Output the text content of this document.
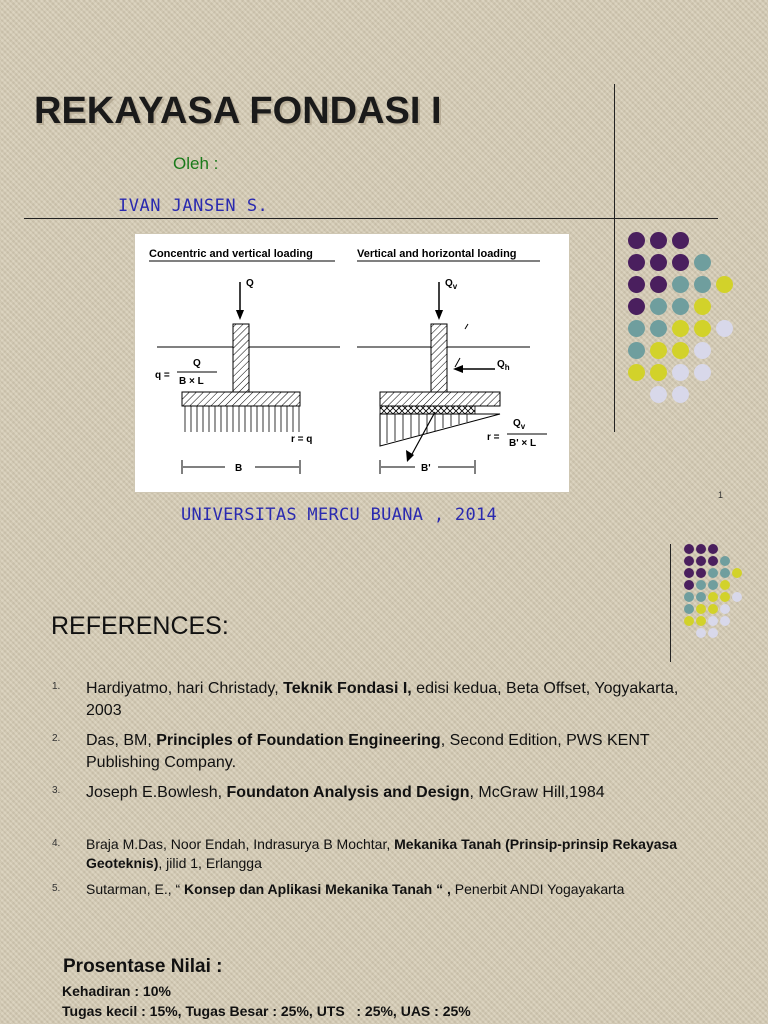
REKAYASA FONDASI I
Oleh :
IVAN JANSEN S.
Concentric and vertical loading	Vertical and horizontal loading
Q
q =
Q
B × L
r = q
B
$Q_v$
$Q_h$
r =
$Q_v$
B' × L
B'
UNIVERSITAS MERCU BUANA , 2014
1
REFERENCES:
1. Hardiyatmo, hari Christady, Teknik Fondasi I, edisi kedua, Beta Offset, Yogyakarta, 2003
2. Das, BM, Principles of Foundation Engineering, Second Edition, PWS KENT Publishing Company.
3. Joseph E.Bowlesh, Foundaton Analysis and Design, McGraw Hill,1984
4. Braja M.Das, Noor Endah, Indrasurya B Mochtar, Mekanika Tanah (Prinsip-prinsip Rekayasa Geoteknis), jilid 1, Erlangga
5. Sutarman, E., “ Konsep dan Aplikasi Mekanika Tanah “ , Penerbit ANDI Yogayakarta
Prosentase Nilai :
Kehadiran : 10%
Tugas kecil : 15%, Tugas Besar : 25%, UTS   : 25%, UAS : 25%
